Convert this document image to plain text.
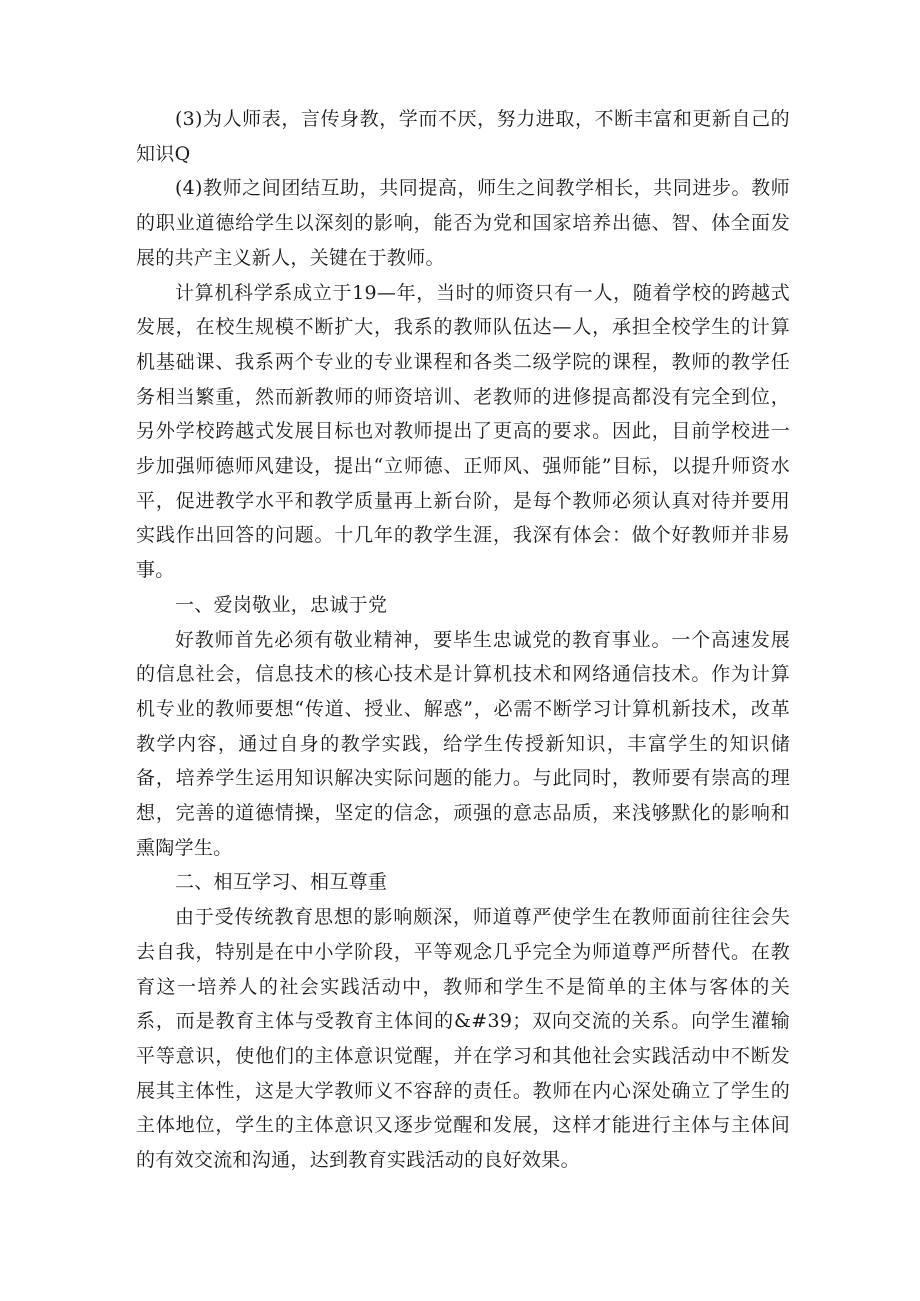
(3)为人师表，言传身教，学而不厌，努力进取，不断丰富和更新自己的知识Q

(4)教师之间团结互助，共同提高，师生之间教学相长，共同进步。教师的职业道德给学生以深刻的影响，能否为党和国家培养出德、智、体全面发展的共产主义新人，关键在于教师。

计算机科学系成立于19—年，当时的师资只有一人，随着学校的跨越式发展，在校生规模不断扩大，我系的教师队伍达—人，承担全校学生的计算机基础课、我系两个专业的专业课程和各类二级学院的课程，教师的教学任务相当繁重，然而新教师的师资培训、老教师的进修提高都没有完全到位，另外学校跨越式发展目标也对教师提出了更高的要求。因此，目前学校进一步加强师德师风建设，提出“立师德、正师风、强师能”目标，以提升师资水平，促进教学水平和教学质量再上新台阶，是每个教师必须认真对待并要用实践作出回答的问题。十几年的教学生涯，我深有体会：做个好教师并非易事。

一、爱岗敬业，忠诚于党

好教师首先必须有敬业精神，要毕生忠诚党的教育事业。一个高速发展的信息社会，信息技术的核心技术是计算机技术和网络通信技术。作为计算机专业的教师要想“传道、授业、解惑”，必需不断学习计算机新技术，改革教学内容，通过自身的教学实践，给学生传授新知识，丰富学生的知识储备，培养学生运用知识解决实际问题的能力。与此同时，教师要有崇高的理想，完善的道德情操，坚定的信念，顽强的意志品质，来浅够默化的影响和熏陶学生。

二、相互学习、相互尊重

由于受传统教育思想的影响颇深，师道尊严使学生在教师面前往往会失去自我，特别是在中小学阶段，平等观念几乎完全为师道尊严所替代。在教育这一培养人的社会实践活动中，教师和学生不是简单的主体与客体的关系，而是教育主体与受教育主体间的&#39；双向交流的关系。向学生灌输平等意识，使他们的主体意识觉醒，并在学习和其他社会实践活动中不断发展其主体性，这是大学教师义不容辞的责任。教师在内心深处确立了学生的主体地位，学生的主体意识又逐步觉醒和发展，这样才能进行主体与主体间的有效交流和沟通，达到教育实践活动的良好效果。
